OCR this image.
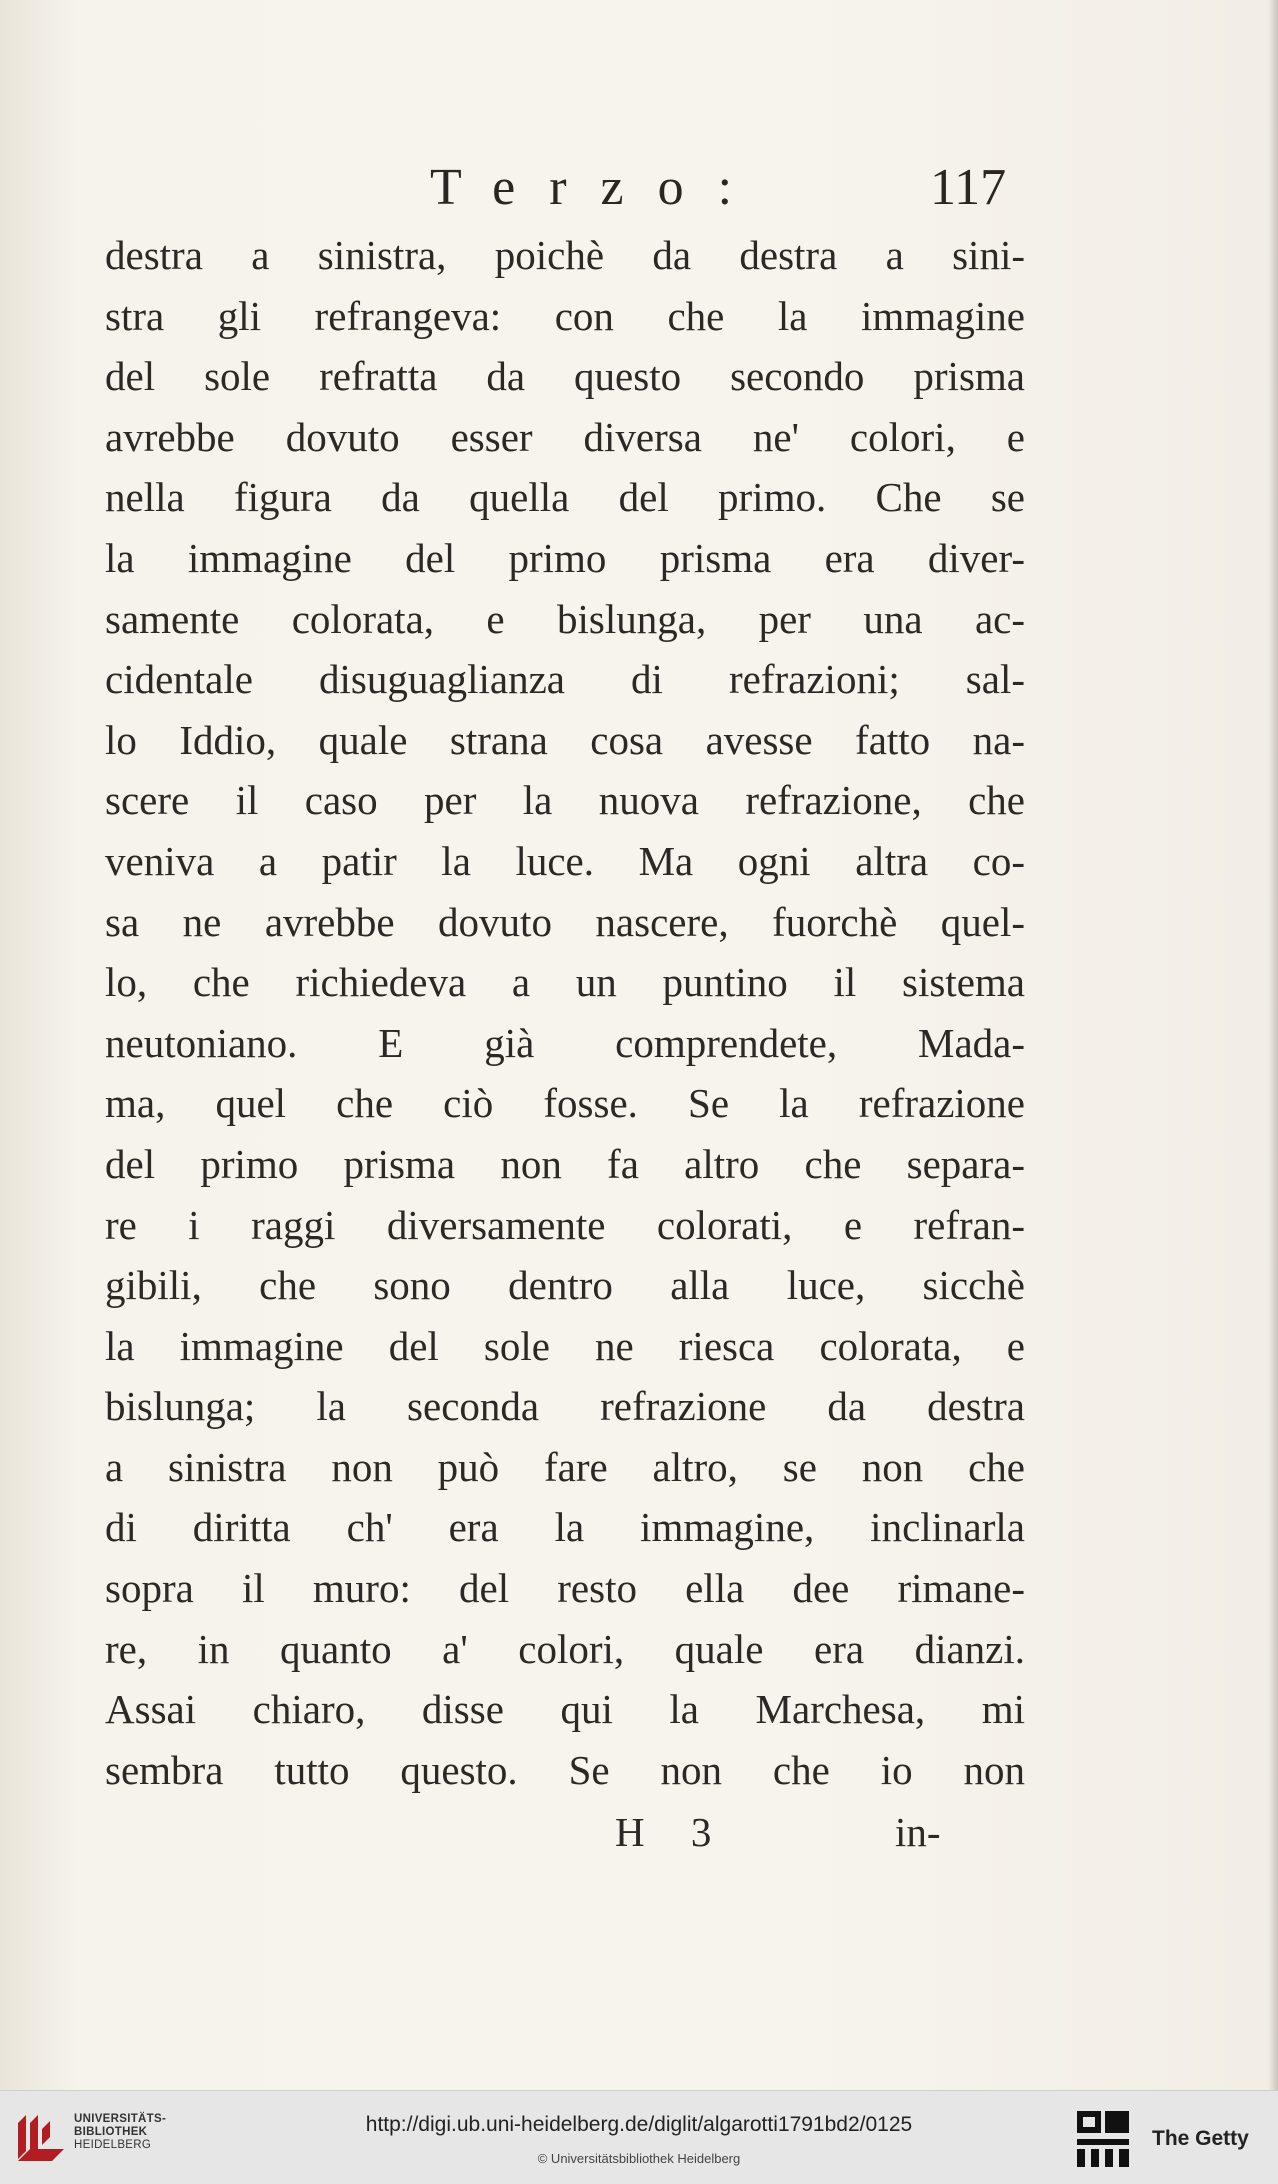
Terzo:	117
destra a sinistra, poichè da destra a sini-
stra gli refrangeva: con che la immagine
del sole refratta da questo secondo prisma
avrebbe dovuto esser diversa ne' colori, e
nella figura da quella del primo. Che se
la immagine del primo prisma era diver-
samente colorata, e bislunga, per una ac-
cidentale disuguaglianza di refrazioni; sal-
lo Iddio, quale strana cosa avesse fatto na-
scere il caso per la nuova refrazione, che
veniva a patir la luce. Ma ogni altra co-
sa ne avrebbe dovuto nascere, fuorchè quel-
lo, che richiedeva a un puntino il sistema
neutoniano. E già comprendete, Mada-
ma, quel che ciò fosse. Se la refrazione
del primo prisma non fa altro che separa-
re i raggi diversamente colorati, e refran-
gibili, che sono dentro alla luce, sicchè
la immagine del sole ne riesca colorata, e
bislunga; la seconda refrazione da destra
a sinistra non può fare altro, se non che
di diritta ch' era la immagine, inclinarla
sopra il muro: del resto ella dee rimane-
re, in quanto a' colori, quale era dianzi.
Assai chiaro, disse qui la Marchesa, mi
sembra tutto questo. Se non che io non
H 3	in-
UNIVERSITÄTS-
BIBLIOTHEK
HEIDELBERG
http://digi.ub.uni-heidelberg.de/diglit/algarotti1791bd2/0125
© Universitätsbibliothek Heidelberg
The Getty
